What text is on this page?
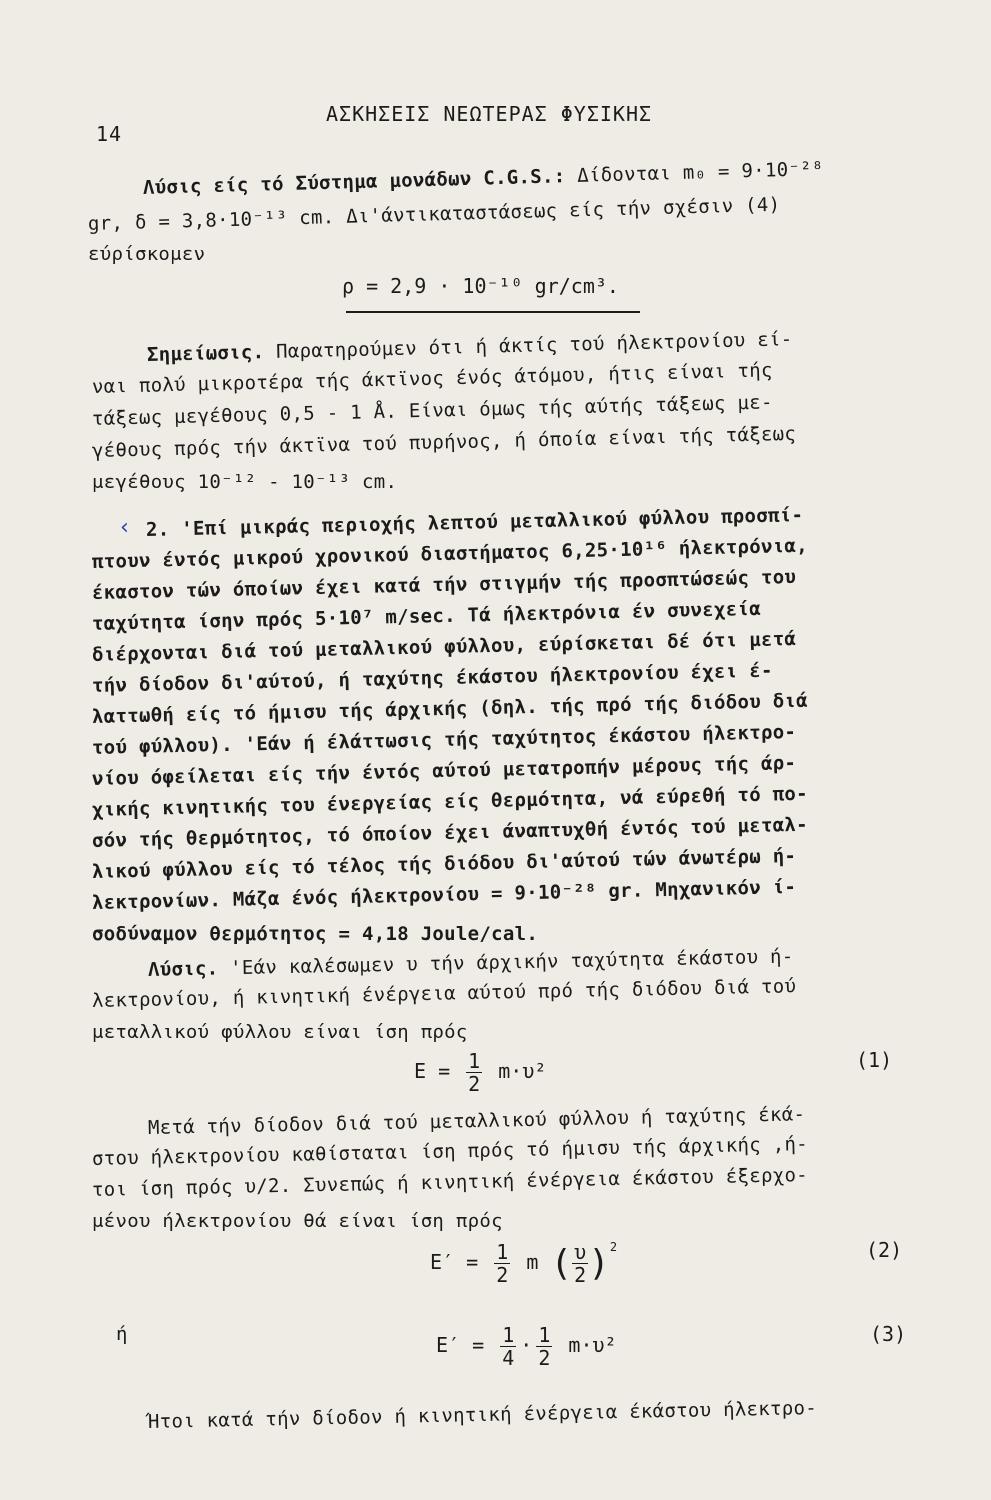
14
ΑΣΚΗΣΕΙΣ ΝΕΩΤΕΡΑΣ ΦΥΣΙΚΗΣ
Λύσις είς τό Σύστημα μονάδων C.G.S.: Δίδονται m₀ = 9·10⁻²⁸
gr, δ = 3,8·10⁻¹³ cm. Δι'άντικαταστάσεως είς τήν σχέσιν (4)
εύρίσκομεν
ρ = 2,9 · 10⁻¹⁰ gr/cm³.
Σημείωσις. Παρατηρούμεν ότι ή άκτίς τού ήλεκτρονίου εί-
ναι πολύ μικροτέρα τής άκτϊνος ένός άτόμου, ήτις είναι τής
τάξεως μεγέθους 0,5 - 1 Å. Είναι όμως τής αύτής τάξεως με-
γέθους πρός τήν άκτϊνα τού πυρήνος, ή όποία είναι τής τάξεως
μεγέθους 10⁻¹² - 10⁻¹³ cm.
‹ 2. 'Επί μικράς περιοχής λεπτού μεταλλικού φύλλου προσπί-
πτουν έντός μικρού χρονικού διαστήματος 6,25·10¹⁶ ήλεκτρόνια,
έκαστον τών όποίων έχει κατά τήν στιγμήν τής προσπτώσεώς του
ταχύτητα ίσην πρός 5·10⁷ m/sec. Τά ήλεκτρόνια έν συνεχεία
διέρχονται διά τού μεταλλικού φύλλου, εύρίσκεται δέ ότι μετά
τήν δίοδον δι'αύτού, ή ταχύτης έκάστου ήλεκτρονίου έχει έ-
λαττωθή είς τό ήμισυ τής άρχικής (δηλ. τής πρό τής διόδου διά
τού φύλλου). 'Εάν ή έλάττωσις τής ταχύτητος έκάστου ήλεκτρο-
νίου όφείλεται είς τήν έντός αύτού μετατροπήν μέρους τής άρ-
χικής κινητικής του ένεργείας είς θερμότητα, νά εύρεθή τό πο-
σόν τής θερμότητος, τό όποίον έχει άναπτυχθή έντός τού μεταλ-
λικού φύλλου είς τό τέλος τής διόδου δι'αύτού τών άνωτέρω ή-
λεκτρονίων. Μάζα ένός ήλεκτρονίου = 9·10⁻²⁸ gr. Μηχανικόν ί-
σοδύναμον θερμότητος = 4,18 Joule/cal.
Λύσις. 'Εάν καλέσωμεν υ τήν άρχικήν ταχύτητα έκάστου ή-
λεκτρονίου, ή κινητική ένέργεια αύτού πρό τής διόδου διά τού
μεταλλικού φύλλου είναι ίση πρός
$E = \frac{1}{2} m\cdot\upsilon^2$	(1)
Μετά τήν δίοδον διά τού μεταλλικού φύλλου ή ταχύτης έκά-
στου ήλεκτρονίου καθίσταται ίση πρός τό ήμισυ τής άρχικής ,ή-
τοι ίση πρός υ/2. Συνεπώς ή κινητική ένέργεια έκάστου έξερχο-
μένου ήλεκτρονίου θά είναι ίση πρός
$E' = \frac{1}{2}$ m ( $\frac{\upsilon}{2} )^2$	(2)
ή	$E' = \frac{1}{4} \cdot \frac{1}{2} m\cdot\upsilon^2$	(3)
Ήτοι κατά τήν δίοδον ή κινητική ένέργεια έκάστου ήλεκτρο-
